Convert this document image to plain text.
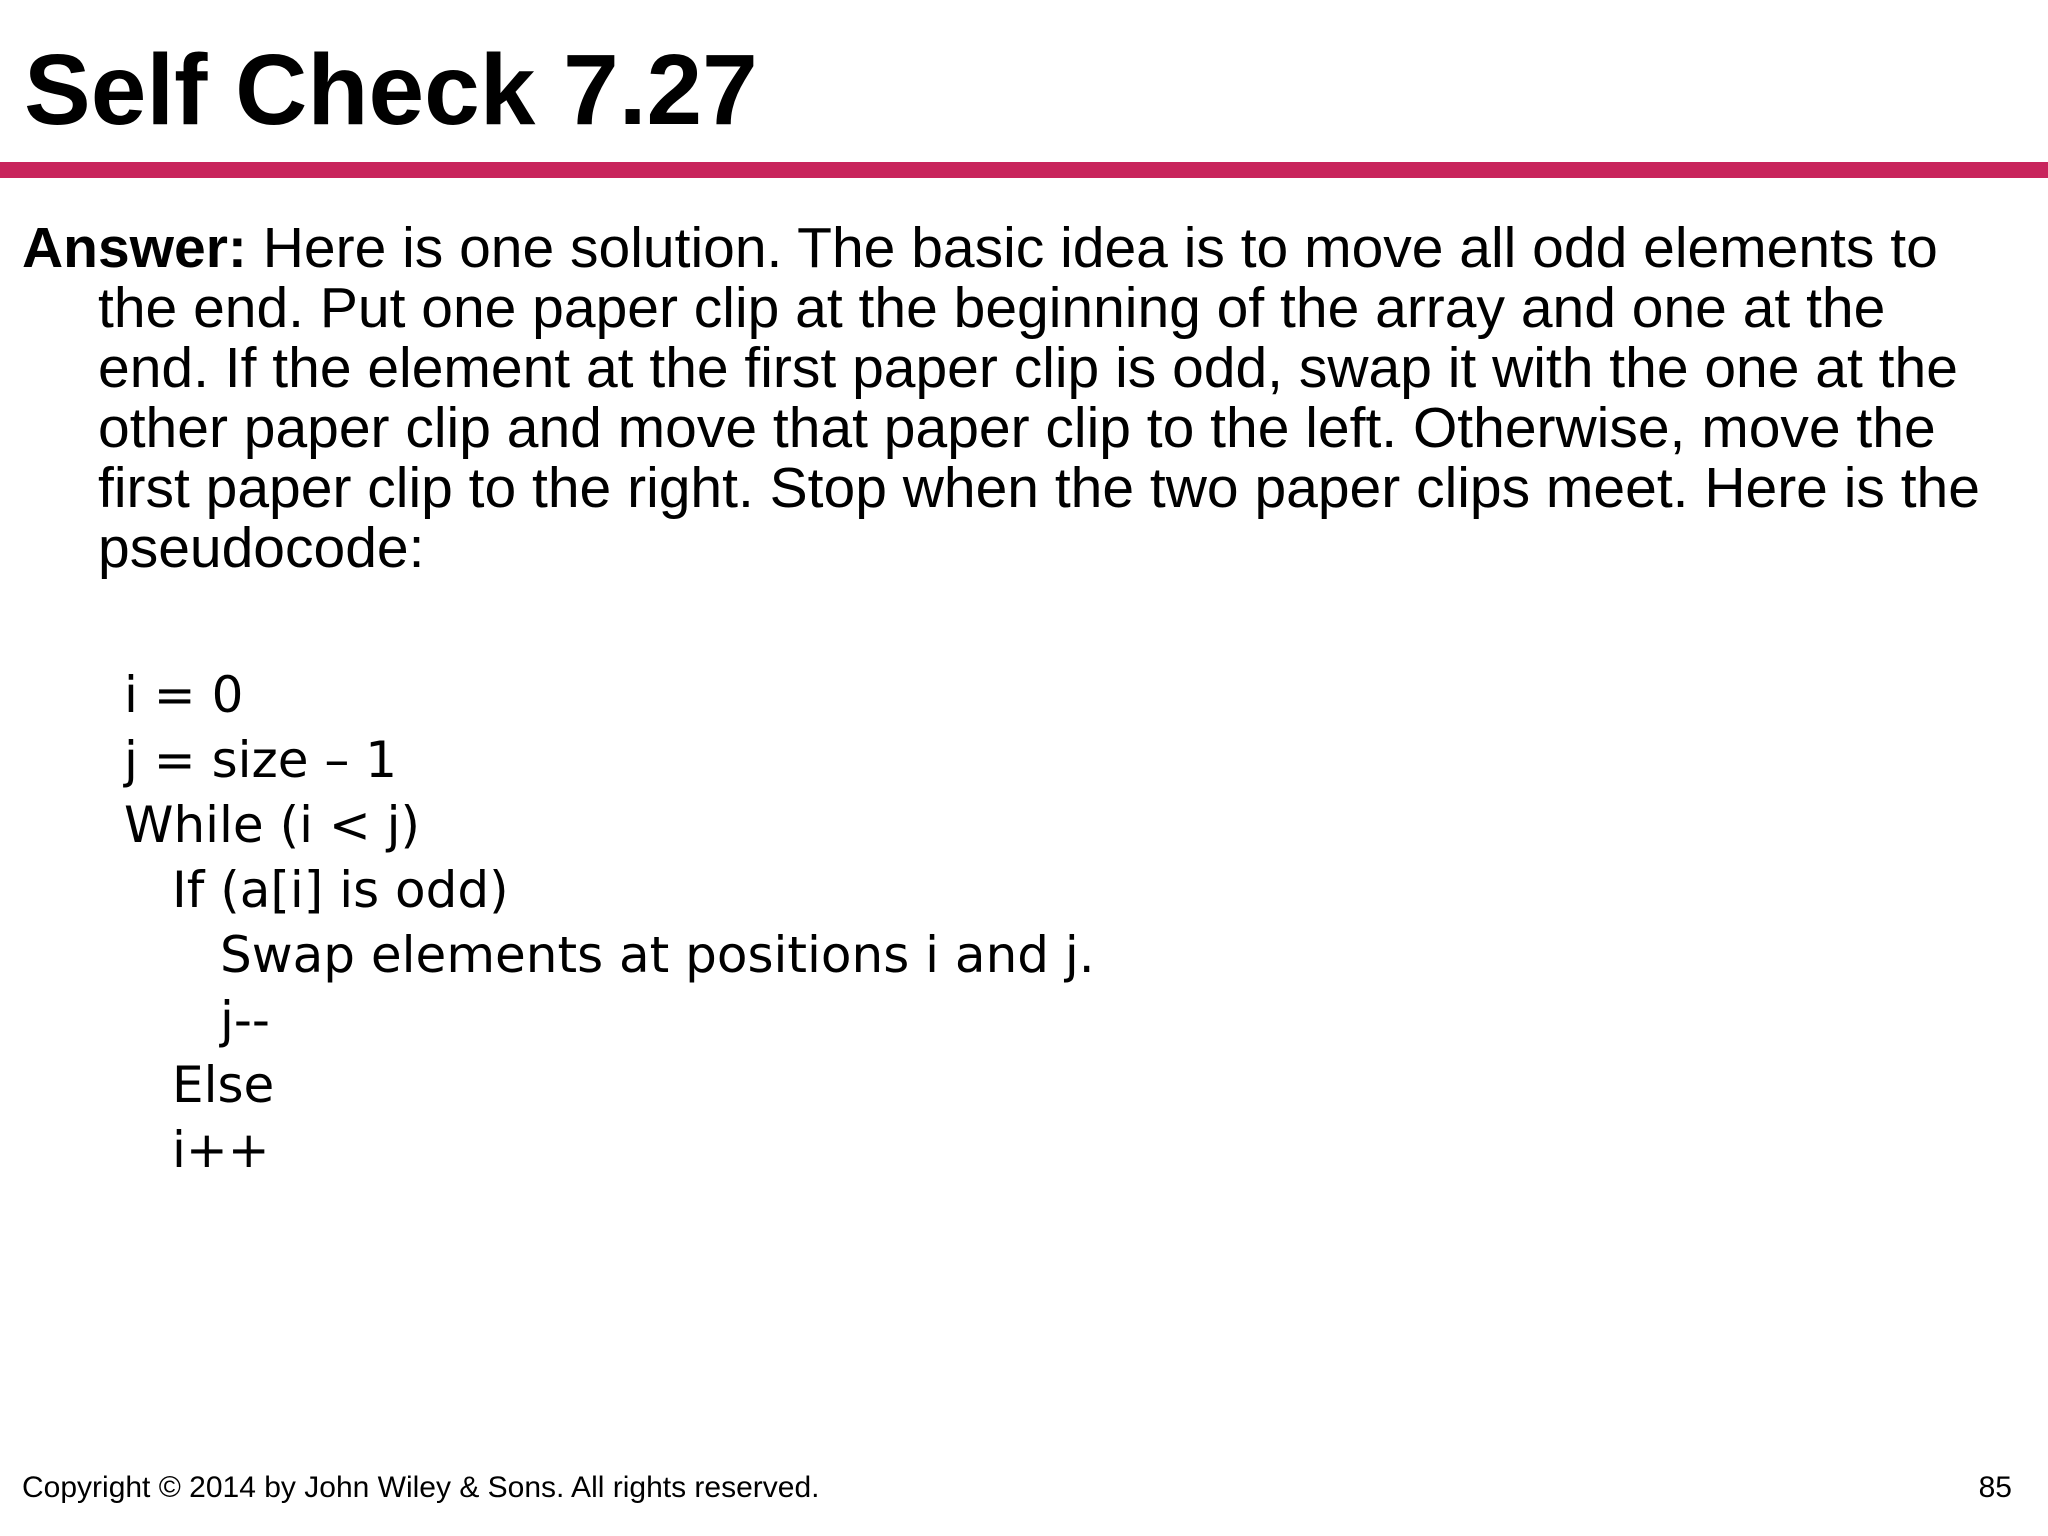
Self Check 7.27

Answer: Here is one solution. The basic idea is to move all odd elements to the end. Put one paper clip at the beginning of the array and one at the end. If the element at the first paper clip is odd, swap it with the one at the other paper clip and move that paper clip to the left. Otherwise, move the first paper clip to the right. Stop when the two paper clips meet. Here is the pseudocode:

i = 0
j = size – 1
While (i < j)
If (a[i] is odd)
Swap elements at positions i and j.
j--
Else
i++
Copyright © 2014 by John Wiley & Sons. All rights reserved.	85
